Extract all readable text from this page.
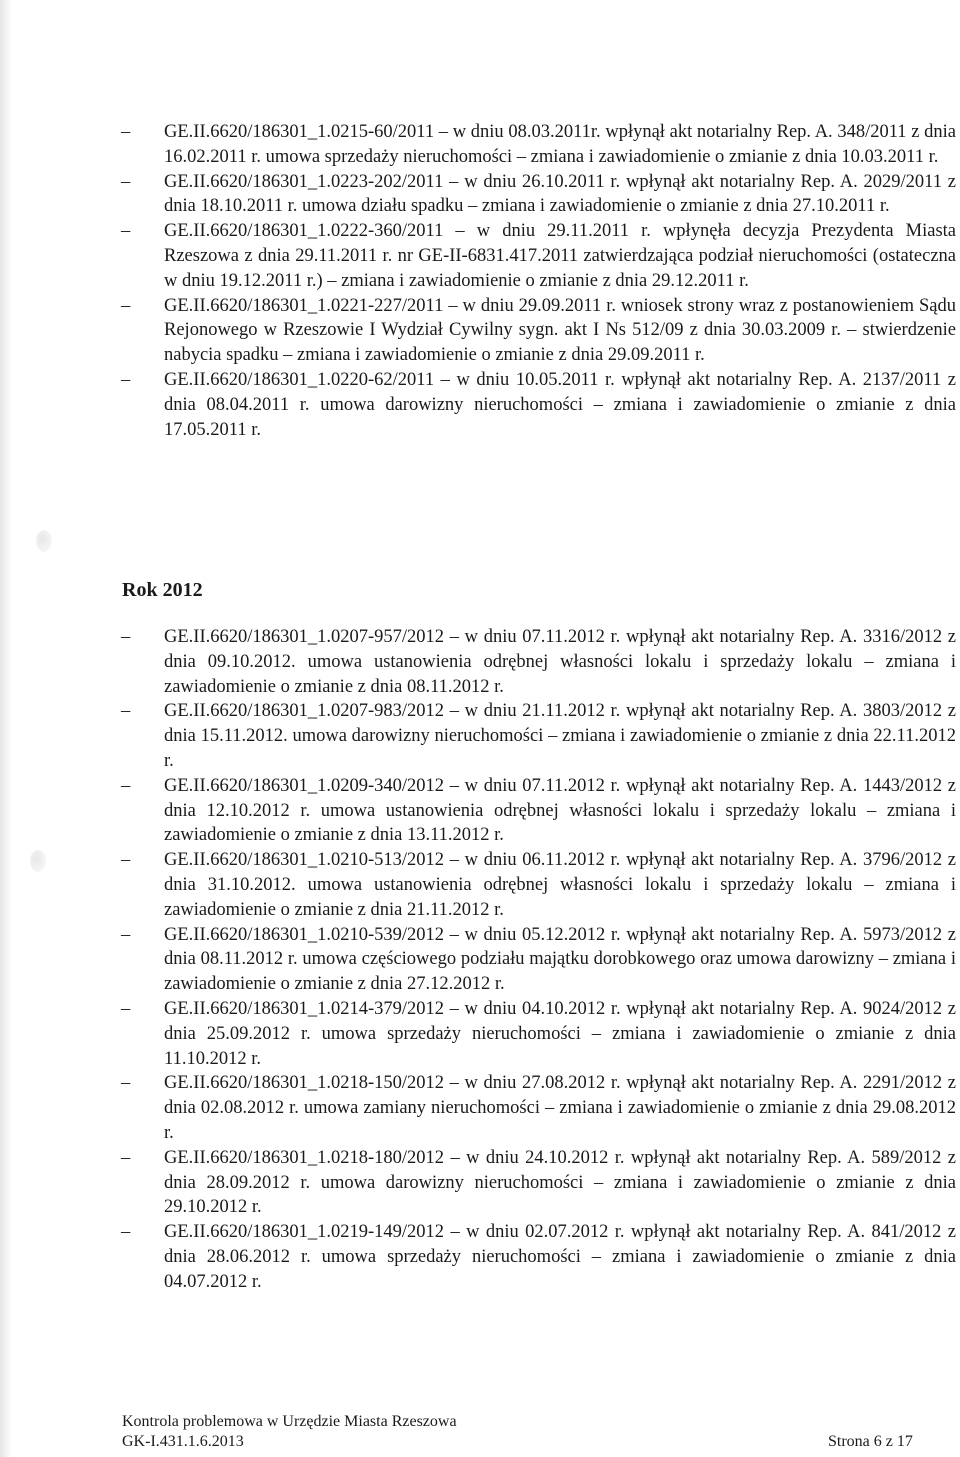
– GE.II.6620/186301_1.0215-60/2011 – w dniu 08.03.2011r. wpłynął akt notarialny Rep. A. 348/2011 z dnia 16.02.2011 r. umowa sprzedaży nieruchomości – zmiana i zawiadomienie o zmianie z dnia 10.03.2011 r.
– GE.II.6620/186301_1.0223-202/2011 – w dniu 26.10.2011 r. wpłynął akt notarialny Rep. A. 2029/2011 z dnia 18.10.2011 r. umowa działu spadku – zmiana i zawiadomienie o zmianie z dnia 27.10.2011 r.
– GE.II.6620/186301_1.0222-360/2011 – w dniu 29.11.2011 r. wpłynęła decyzja Prezydenta Miasta Rzeszowa z dnia 29.11.2011 r. nr GE-II-6831.417.2011 zatwierdzająca podział nieruchomości (ostateczna w dniu 19.12.2011 r.) – zmiana i zawiadomienie o zmianie z dnia 29.12.2011 r.
– GE.II.6620/186301_1.0221-227/2011 – w dniu 29.09.2011 r. wniosek strony wraz z postanowieniem Sądu Rejonowego w Rzeszowie I Wydział Cywilny sygn. akt I Ns 512/09 z dnia 30.03.2009 r. – stwierdzenie nabycia spadku – zmiana i zawiadomienie o zmianie z dnia 29.09.2011 r.
– GE.II.6620/186301_1.0220-62/2011 – w dniu 10.05.2011 r. wpłynął akt notarialny Rep. A. 2137/2011 z dnia 08.04.2011 r. umowa darowizny nieruchomości – zmiana i zawiadomienie o zmianie z dnia 17.05.2011 r.
Rok 2012
– GE.II.6620/186301_1.0207-957/2012 – w dniu 07.11.2012 r. wpłynął akt notarialny Rep. A. 3316/2012 z dnia 09.10.2012. umowa ustanowienia odrębnej własności lokalu i sprzedaży lokalu – zmiana i zawiadomienie o zmianie z dnia 08.11.2012 r.
– GE.II.6620/186301_1.0207-983/2012 – w dniu 21.11.2012 r. wpłynął akt notarialny Rep. A. 3803/2012 z dnia 15.11.2012. umowa darowizny nieruchomości – zmiana i zawiadomienie o zmianie z dnia 22.11.2012 r.
– GE.II.6620/186301_1.0209-340/2012 – w dniu 07.11.2012 r. wpłynął akt notarialny Rep. A. 1443/2012 z dnia 12.10.2012 r. umowa ustanowienia odrębnej własności lokalu i sprzedaży lokalu – zmiana i zawiadomienie o zmianie z dnia 13.11.2012 r.
– GE.II.6620/186301_1.0210-513/2012 – w dniu 06.11.2012 r. wpłynął akt notarialny Rep. A. 3796/2012 z dnia 31.10.2012. umowa ustanowienia odrębnej własności lokalu i sprzedaży lokalu – zmiana i zawiadomienie o zmianie z dnia 21.11.2012 r.
– GE.II.6620/186301_1.0210-539/2012 – w dniu 05.12.2012 r. wpłynął akt notarialny Rep. A. 5973/2012 z dnia 08.11.2012 r. umowa częściowego podziału majątku dorobkowego oraz umowa darowizny – zmiana i zawiadomienie o zmianie z dnia 27.12.2012 r.
– GE.II.6620/186301_1.0214-379/2012 – w dniu 04.10.2012 r. wpłynął akt notarialny Rep. A. 9024/2012 z dnia 25.09.2012 r. umowa sprzedaży nieruchomości – zmiana i zawiadomienie o zmianie z dnia 11.10.2012 r.
– GE.II.6620/186301_1.0218-150/2012 – w dniu 27.08.2012 r. wpłynął akt notarialny Rep. A. 2291/2012 z dnia 02.08.2012 r. umowa zamiany nieruchomości – zmiana i zawiadomienie o zmianie z dnia 29.08.2012 r.
– GE.II.6620/186301_1.0218-180/2012 – w dniu 24.10.2012 r. wpłynął akt notarialny Rep. A. 589/2012 z dnia 28.09.2012 r. umowa darowizny nieruchomości – zmiana i zawiadomienie o zmianie z dnia 29.10.2012 r.
– GE.II.6620/186301_1.0219-149/2012 – w dniu 02.07.2012 r. wpłynął akt notarialny Rep. A. 841/2012 z dnia 28.06.2012 r. umowa sprzedaży nieruchomości – zmiana i zawiadomienie o zmianie z dnia 04.07.2012 r.
Kontrola problemowa w Urzędzie Miasta Rzeszowa
GK-I.431.1.6.2013	Strona 6 z 17
